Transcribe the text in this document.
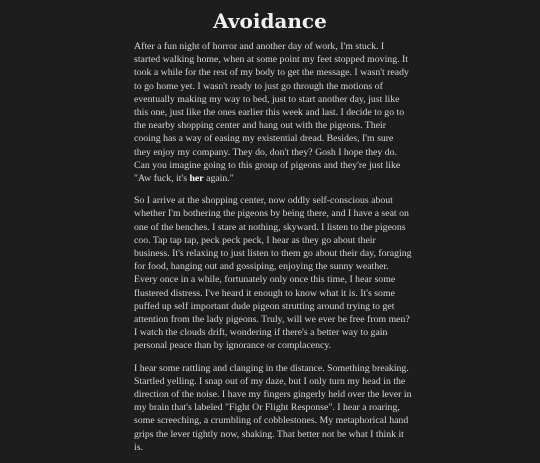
Avoidance

After a fun night of horror and another day of work, I'm stuck. I started walking home, when at some point my feet stopped moving. It took a while for the rest of my body to get the message. I wasn't ready to go home yet. I wasn't ready to just go through the motions of eventually making my way to bed, just to start another day, just like this one, just like the ones earlier this week and last. I decide to go to the nearby shopping center and hang out with the pigeons. Their cooing has a way of easing my existential dread. Besides, I'm sure they enjoy my company. They do, don't they? Gosh I hope they do. Can you imagine going to this group of pigeons and they're just like "Aw fuck, it's her again."

So I arrive at the shopping center, now oddly self-conscious about whether I'm bothering the pigeons by being there, and I have a seat on one of the benches. I stare at nothing, skyward. I listen to the pigeons coo. Tap tap tap, peck peck peck, I hear as they go about their business. It's relaxing to just listen to them go about their day, foraging for food, hanging out and gossiping, enjoying the sunny weather. Every once in a while, fortunately only once this time, I hear some flustered distress. I've heard it enough to know what it is. It's some puffed up self important dude pigeon strutting around trying to get attention from the lady pigeons. Truly, will we ever be free from men? I watch the clouds drift, wondering if there's a better way to gain personal peace than by ignorance or complacency.

I hear some rattling and clanging in the distance. Something breaking. Startled yelling. I snap out of my daze, but I only turn my head in the direction of the noise. I have my fingers gingerly held over the lever in my brain that's labeled "Fight Or Flight Response". I hear a roaring, some screeching, a crumbling of cobblestones. My metaphorical hand grips the lever tightly now, shaking. That better not be what I think it is.
